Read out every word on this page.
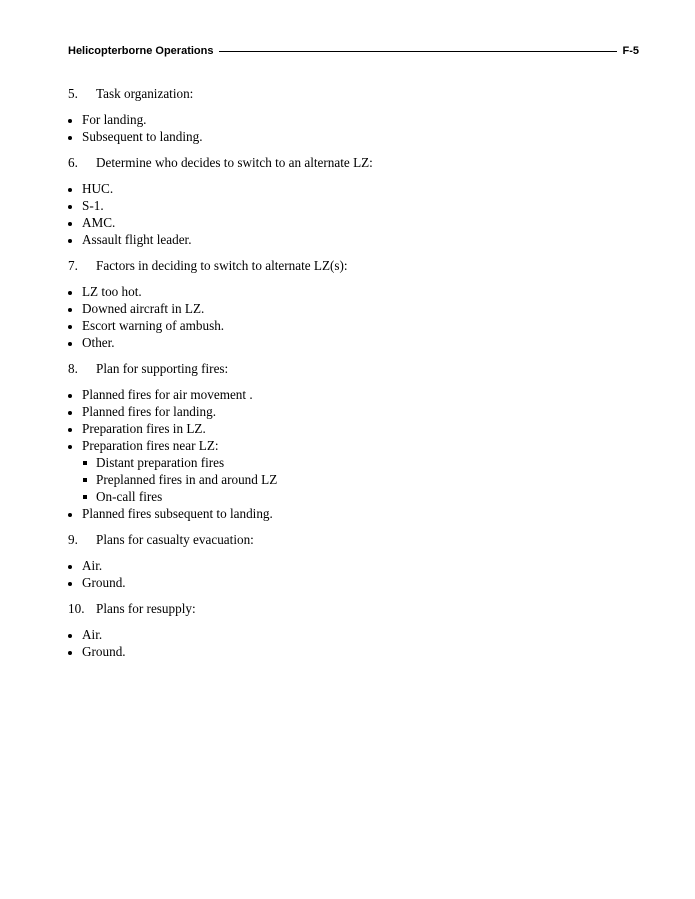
Helicopterborne Operations	F-5
5.	Task organization:
For landing.
Subsequent to landing.
6.	Determine who decides to switch to an alternate LZ:
HUC.
S-1.
AMC.
Assault flight leader.
7.	Factors in deciding to switch to alternate LZ(s):
LZ too hot.
Downed aircraft in LZ.
Escort warning of ambush.
Other.
8.	Plan for supporting fires:
Planned fires for air movement .
Planned fires for landing.
Preparation fires in LZ.
Preparation fires near LZ:
Distant preparation fires
Preplanned fires in and around LZ
On-call fires
Planned fires subsequent to landing.
9.	Plans for casualty evacuation:
Air.
Ground.
10. Plans for resupply:
Air.
Ground.
